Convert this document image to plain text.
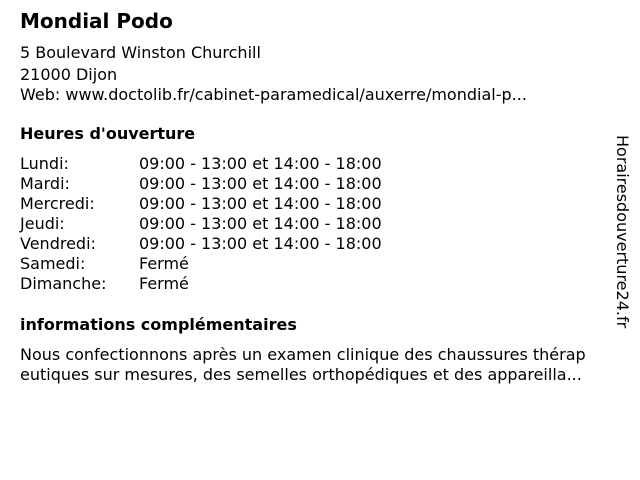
Mondial Podo
5 Boulevard Winston Churchill
21000 Dijon
Web: www.doctolib.fr/cabinet-paramedical/auxerre/mondial-p...
Heures d'ouverture
Lundi:	09:00 - 13:00 et 14:00 - 18:00
Mardi:	09:00 - 13:00 et 14:00 - 18:00
Mercredi:	09:00 - 13:00 et 14:00 - 18:00
Jeudi:	09:00 - 13:00 et 14:00 - 18:00
Vendredi:	09:00 - 13:00 et 14:00 - 18:00
Samedi:	Fermé
Dimanche: Fermé
informations complémentaires
Nous confectionnons après un examen clinique des chaussures thérap
eutiques sur mesures, des semelles orthopédiques et des appareilla...
Horairesdouverture24.fr
